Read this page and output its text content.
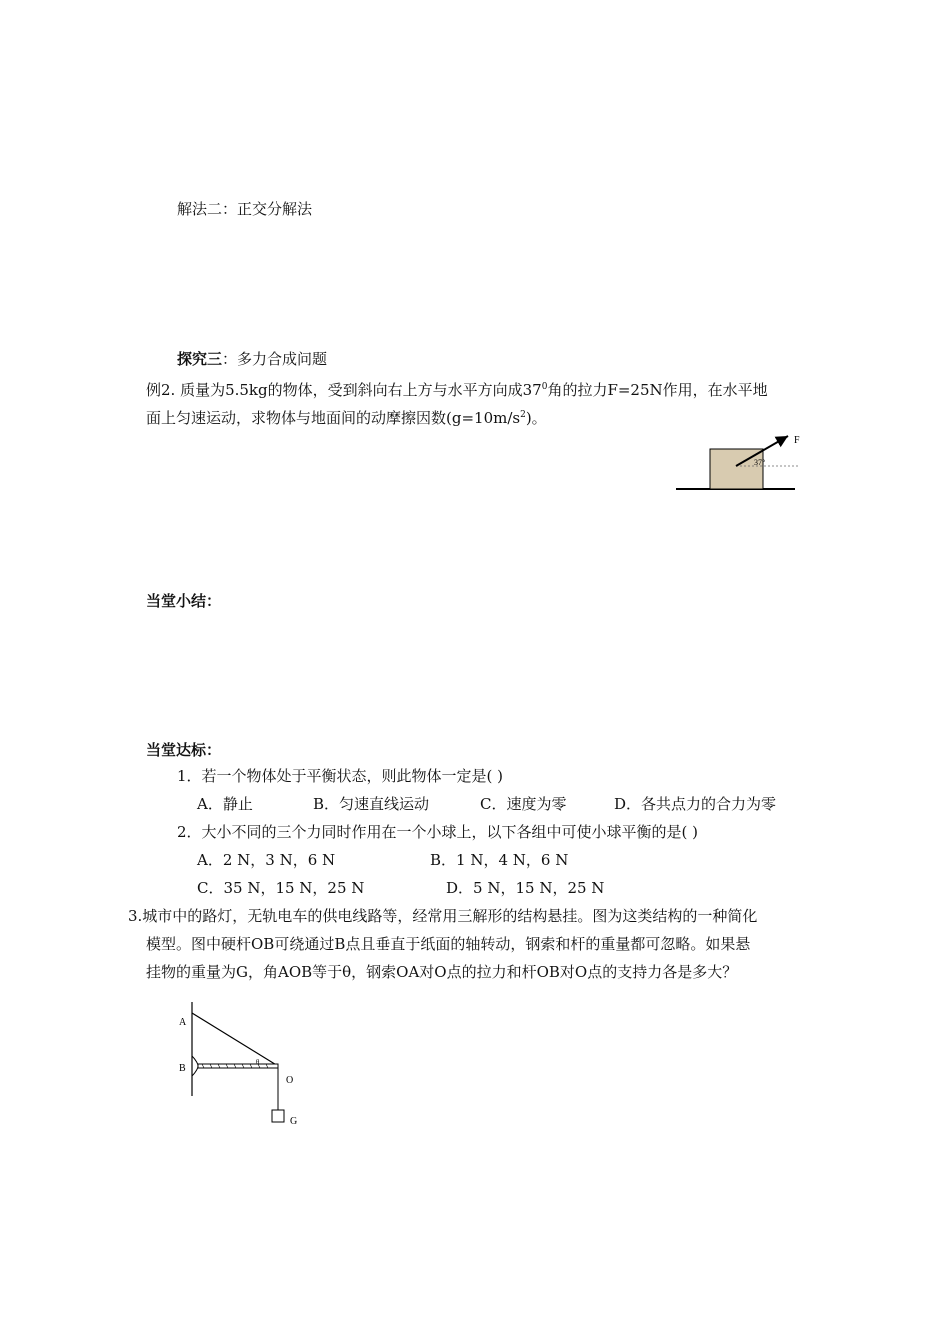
解法二：正交分解法
探究三：多力合成问题
例2. 质量为5.5kg的物体，受到斜向右上方与水平方向成$37^0$角的拉力F=25N作用，在水平地
面上匀速运动，求物体与地面间的动摩擦因数$(g=10m/s^2)$。
F
37°
当堂小结：
当堂达标：
1．若一个物体处于平衡状态，则此物体一定是( )
A．静止	B．匀速直线运动	C．速度为零	D．各共点力的合力为零
2．大小不同的三个力同时作用在一个小球上，以下各组中可使小球平衡的是( )
A．2 N，3 N，6 N	B．1 N，4 N，6 N
C．35 N，15 N，25 N	D．5 N，15 N，25 N
3.城市中的路灯，无轨电车的供电线路等，经常用三解形的结构悬挂。图为这类结构的一种简化
模型。图中硬杆OB可绕通过B点且垂直于纸面的轴转动，钢索和杆的重量都可忽略。如果悬
挂物的重量为G，角AOB等于θ，钢索OA对O点的拉力和杆OB对O点的支持力各是多大？
A
B
O
G
θ
